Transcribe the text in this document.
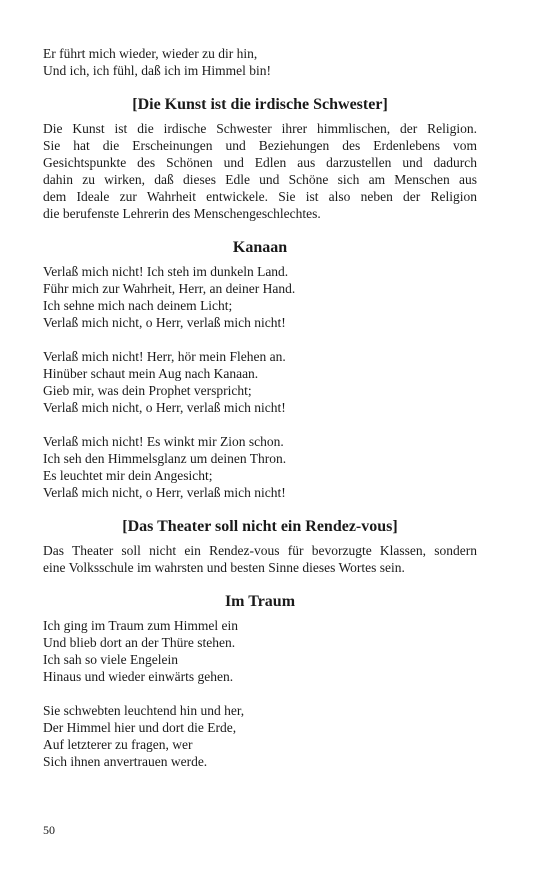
Er führt mich wieder, wieder zu dir hin,
Und ich, ich fühl, daß ich im Himmel bin!
[Die Kunst ist die irdische Schwester]
Die Kunst ist die irdische Schwester ihrer himmlischen, der Religion.
Sie hat die Erscheinungen und Beziehungen des Erdenlebens vom
Gesichtspunkte des Schönen und Edlen aus darzustellen und dadurch
dahin zu wirken, daß dieses Edle und Schöne sich am Menschen aus
dem Ideale zur Wahrheit entwickele. Sie ist also neben der Religion
die berufenste Lehrerin des Menschengeschlechtes.
Kanaan
Verlaß mich nicht! Ich steh im dunkeln Land.
Führ mich zur Wahrheit, Herr, an deiner Hand.
Ich sehne mich nach deinem Licht;
Verlaß mich nicht, o Herr, verlaß mich nicht!
Verlaß mich nicht! Herr, hör mein Flehen an.
Hinüber schaut mein Aug nach Kanaan.
Gieb mir, was dein Prophet verspricht;
Verlaß mich nicht, o Herr, verlaß mich nicht!
Verlaß mich nicht! Es winkt mir Zion schon.
Ich seh den Himmelsglanz um deinen Thron.
Es leuchtet mir dein Angesicht;
Verlaß mich nicht, o Herr, verlaß mich nicht!
[Das Theater soll nicht ein Rendez-vous]
Das Theater soll nicht ein Rendez-vous für bevorzugte Klassen, sondern
eine Volksschule im wahrsten und besten Sinne dieses Wortes sein.
Im Traum
Ich ging im Traum zum Himmel ein
Und blieb dort an der Thüre stehen.
Ich sah so viele Engelein
Hinaus und wieder einwärts gehen.
Sie schwebten leuchtend hin und her,
Der Himmel hier und dort die Erde,
Auf letzterer zu fragen, wer
Sich ihnen anvertrauen werde.
50
